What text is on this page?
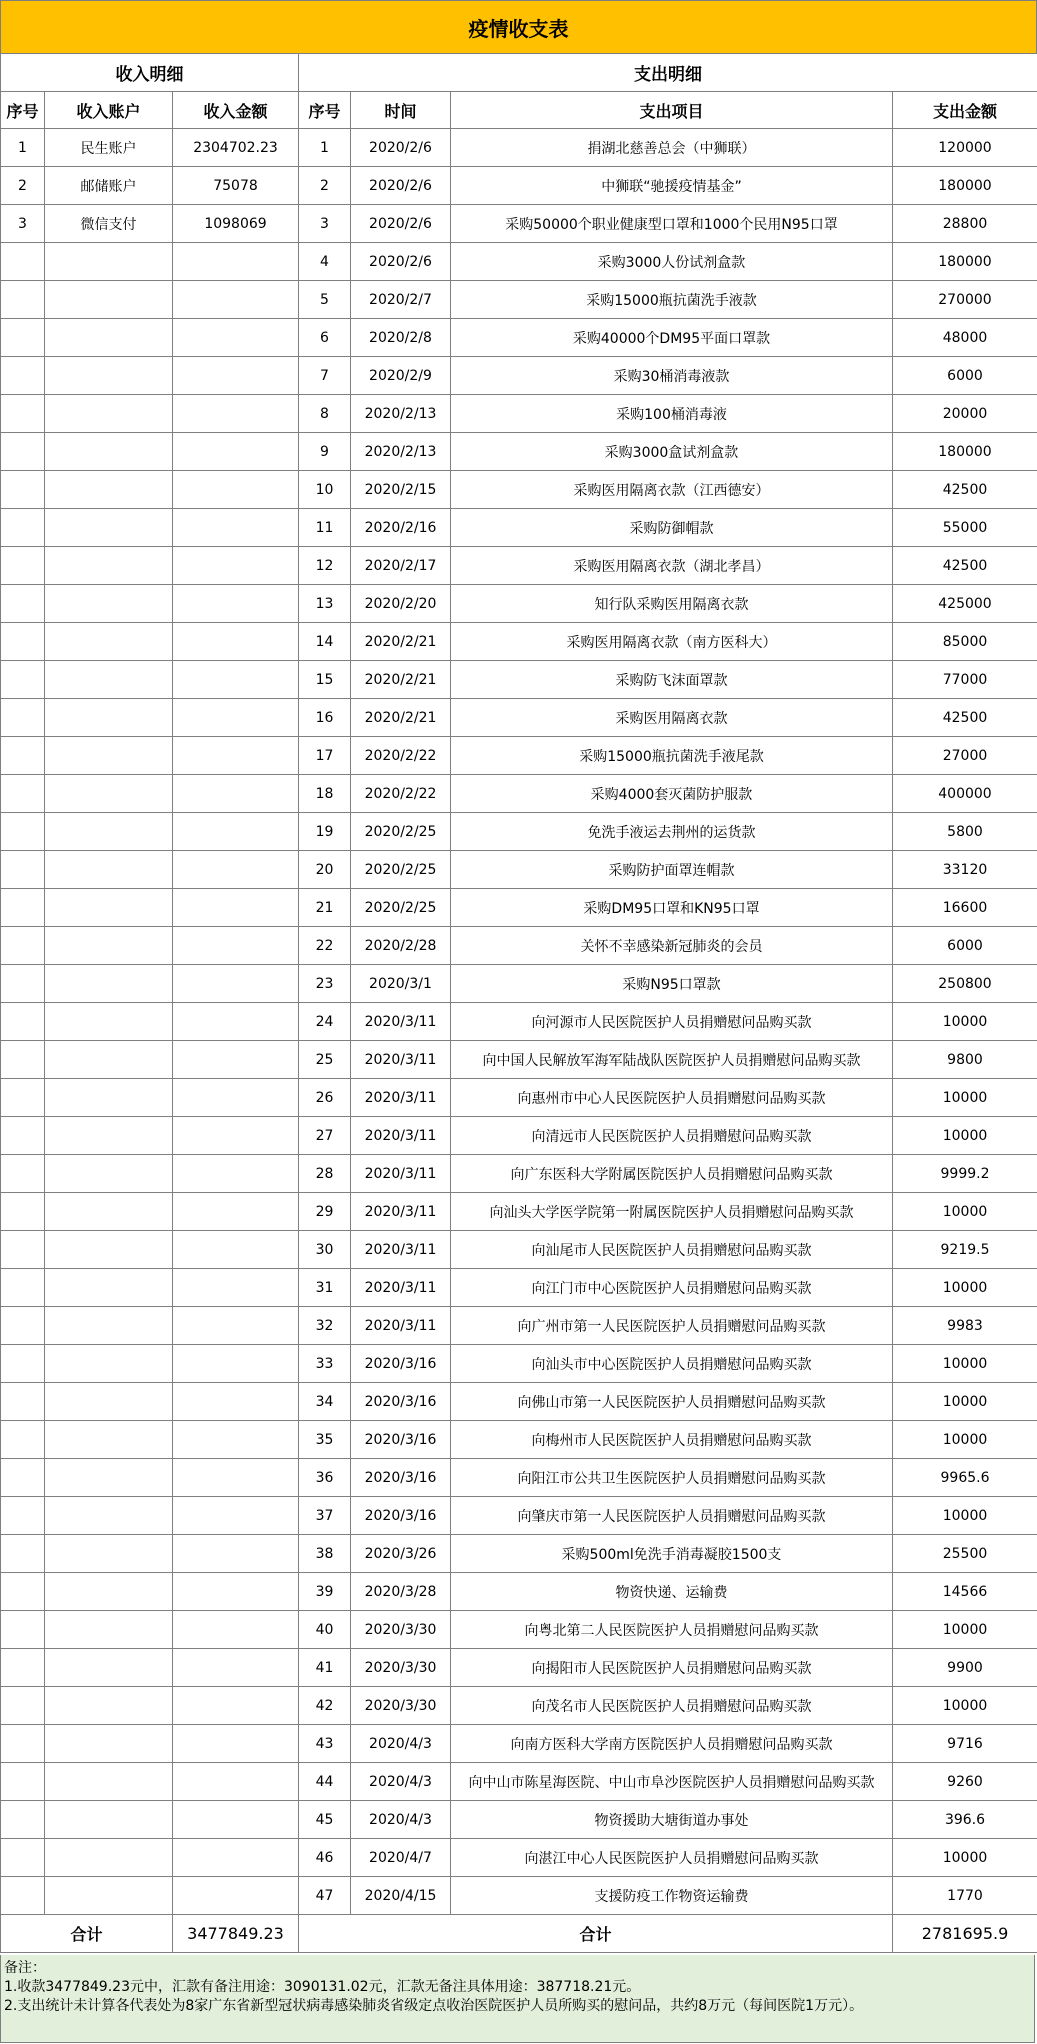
疫情收支表
收入明细			支出明细			
序号	收入账户	收入金额	序号	时间	支出项目	支出金额
1	民生账户	2304702.23	1	2020/2/6	捐湖北慈善总会（中狮联）	120000
2	邮储账户	75078	2	2020/2/6	中狮联“驰援疫情基金”	180000
3	微信支付	1098069	3	2020/2/6	采购50000个职业健康型口罩和1000个民用N95口罩	28800
			4	2020/2/6	采购3000人份试剂盒款	180000
			5	2020/2/7	采购15000瓶抗菌洗手液款	270000
			6	2020/2/8	采购40000个DM95平面口罩款	48000
			7	2020/2/9	采购30桶消毒液款	6000
			8	2020/2/13	采购100桶消毒液	20000
			9	2020/2/13	采购3000盒试剂盒款	180000
			10	2020/2/15	采购医用隔离衣款（江西德安）	42500
			11	2020/2/16	采购防御帽款	55000
			12	2020/2/17	采购医用隔离衣款（湖北孝昌）	42500
			13	2020/2/20	知行队采购医用隔离衣款	425000
			14	2020/2/21	采购医用隔离衣款（南方医科大）	85000
			15	2020/2/21	采购防飞沫面罩款	77000
			16	2020/2/21	采购医用隔离衣款	42500
			17	2020/2/22	采购15000瓶抗菌洗手液尾款	27000
			18	2020/2/22	采购4000套灭菌防护服款	400000
			19	2020/2/25	免洗手液运去荆州的运货款	5800
			20	2020/2/25	采购防护面罩连帽款	33120
			21	2020/2/25	采购DM95口罩和KN95口罩	16600
			22	2020/2/28	关怀不幸感染新冠肺炎的会员	6000
			23	2020/3/1	采购N95口罩款	250800
			24	2020/3/11	向河源市人民医院医护人员捐赠慰问品购买款	10000
			25	2020/3/11	向中国人民解放军海军陆战队医院医护人员捐赠慰问品购买款	9800
			26	2020/3/11	向惠州市中心人民医院医护人员捐赠慰问品购买款	10000
			27	2020/3/11	向清远市人民医院医护人员捐赠慰问品购买款	10000
			28	2020/3/11	向广东医科大学附属医院医护人员捐赠慰问品购买款	9999.2
			29	2020/3/11	向汕头大学医学院第一附属医院医护人员捐赠慰问品购买款	10000
			30	2020/3/11	向汕尾市人民医院医护人员捐赠慰问品购买款	9219.5
			31	2020/3/11	向江门市中心医院医护人员捐赠慰问品购买款	10000
			32	2020/3/11	向广州市第一人民医院医护人员捐赠慰问品购买款	9983
			33	2020/3/16	向汕头市中心医院医护人员捐赠慰问品购买款	10000
			34	2020/3/16	向佛山市第一人民医院医护人员捐赠慰问品购买款	10000
			35	2020/3/16	向梅州市人民医院医护人员捐赠慰问品购买款	10000
			36	2020/3/16	向阳江市公共卫生医院医护人员捐赠慰问品购买款	9965.6
			37	2020/3/16	向肇庆市第一人民医院医护人员捐赠慰问品购买款	10000
			38	2020/3/26	采购500ml免洗手消毒凝胶1500支	25500
			39	2020/3/28	物资快递、运输费	14566
			40	2020/3/30	向粤北第二人民医院医护人员捐赠慰问品购买款	10000
			41	2020/3/30	向揭阳市人民医院医护人员捐赠慰问品购买款	9900
			42	2020/3/30	向茂名市人民医院医护人员捐赠慰问品购买款	10000
			43	2020/4/3	向南方医科大学南方医院医护人员捐赠慰问品购买款	9716
			44	2020/4/3	向中山市陈星海医院、中山市阜沙医院医护人员捐赠慰问品购买款	9260
			45	2020/4/3	物资援助大塘街道办事处	396.6
			46	2020/4/7	向湛江中心人民医院医护人员捐赠慰问品购买款	10000
			47	2020/4/15	支援防疫工作物资运输费	1770
合计		3477849.23	合计			2781695.9
备注：
1.收款3477849.23元中，汇款有备注用途：3090131.02元，汇款无备注具体用途：387718.21元。
2.支出统计未计算各代表处为8家广东省新型冠状病毒感染肺炎省级定点收治医院医护人员所购买的慰问品，共约8万元（每间医院1万元）。
